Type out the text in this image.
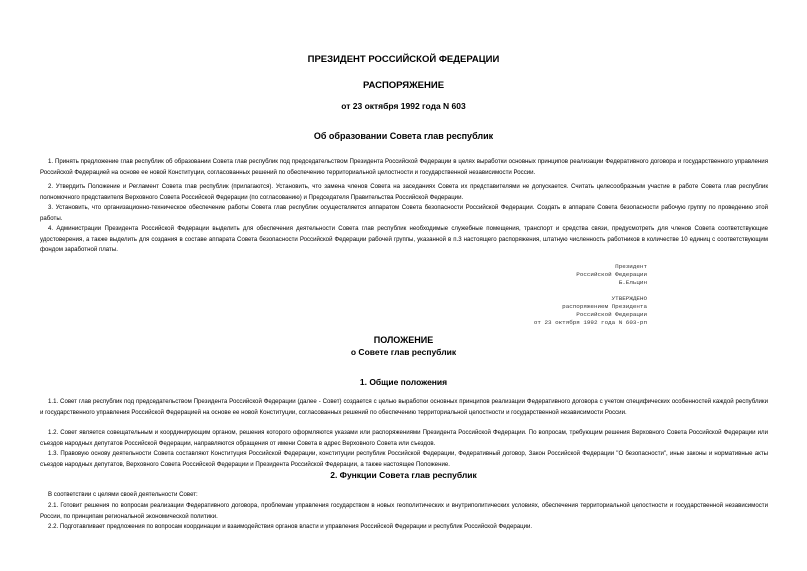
ПРЕЗИДЕНТ РОССИЙСКОЙ ФЕДЕРАЦИИ

РАСПОРЯЖЕНИЕ

от 23 октября 1992 года N 603

Об образовании Совета глав республик

1. Принять предложение глав республик об образовании Совета глав республик под председательством Президента Российской Федерации в целях выработки основных принципов реализации Федеративного договора и государственного управления Российской Федерацией на основе ее новой Конституции, согласованных решений по обеспечению территориальной целостности и государственной независимости России.

2. Утвердить Положение и Регламент Совета глав республик (прилагаются). Установить, что замена членов Совета на заседаниях Совета их представителями не допускается. Считать целесообразным участие в работе Совета глав республик полномочного представителя Верховного Совета Российской Федерации (по согласованию) и Председателя Правительства Российской Федерации.

3. Установить, что организационно-техническое обеспечение работы Совета глав республик осуществляется аппаратом Совета безопасности Российской Федерации. Создать в аппарате Совета безопасности рабочую группу по проведению этой работы.

4. Администрации Президента Российской Федерации выделить для обеспечения деятельности Совета глав республик необходимые служебные помещения, транспорт и средства связи, предусмотреть для членов Совета соответствующие удостоверения, а также выделить для создания в составе аппарата Совета безопасности Российской Федерации рабочей группы, указанной в п.3 настоящего распоряжения, штатную численность работников в количестве 10 единиц с соответствующим фондом заработной платы.

Президент
Российской Федерации
Б.Ельцин
УТВЕРЖДЕНО
распоряжением Президента
Российской Федерации
от 23 октября 1992 года N 603-рп

ПОЛОЖЕНИЕ

о Совете глав республик

1. Общие положения

1.1. Совет глав республик под председательством Президента Российской Федерации (далее - Совет) создается с целью выработки основных принципов реализации Федеративного договора с учетом специфических особенностей каждой республики и государственного управления Российской Федерацией на основе ее новой Конституции, согласованных решений по обеспечению территориальной целостности и государственной независимости России.

1.2. Совет является совещательным и координирующим органом, решения которого оформляются указами или распоряжениями Президента Российской Федерации. По вопросам, требующим решения Верховного Совета Российской Федерации или съездов народных депутатов Российской Федерации, направляются обращения от имени Совета в адрес Верховного Совета или съездов.

1.3. Правовую основу деятельности Совета составляют Конституция Российской Федерации, конституции республик Российской Федерации, Федеративный договор, Закон Российской Федерации "О безопасности", иные законы и нормативные акты съездов народных депутатов, Верховного Совета Российской Федерации и Президента Российской Федерации, а также настоящее Положение.

2. Функции Совета глав республик

В соответствии с целями своей деятельности Совет:

2.1. Готовит решения по вопросам реализации Федеративного договора, проблемам управления государством в новых геополитических и внутриполитических условиях, обеспечения территориальной целостности и государственной независимости России, по принципам региональной экономической политики.

2.2. Подготавливает предложения по вопросам координации и взаимодействия органов власти и управления Российской Федерации и республик Российской Федерации.
